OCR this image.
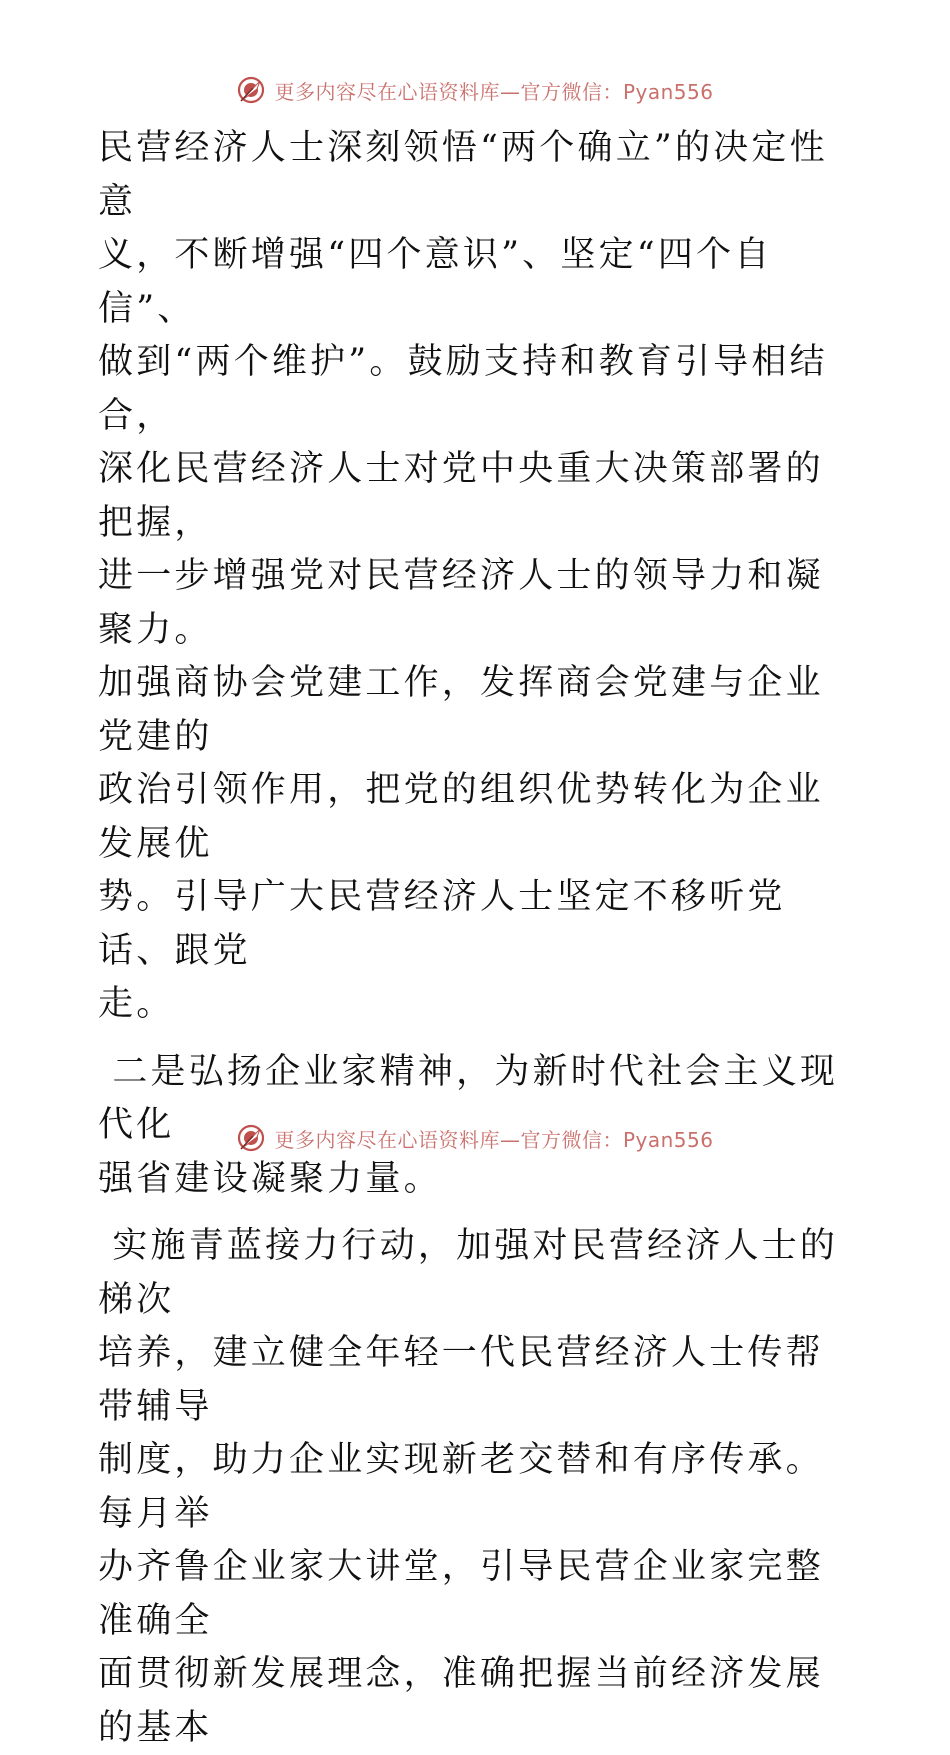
更多内容尽在心语资料库—官方微信：Pyan556

民营经济人士深刻领悟“两个确立”的决定性意
义，不断增强“四个意识”、坚定“四个自信”、
做到“两个维护”。鼓励支持和教育引导相结合，
深化民营经济人士对党中央重大决策部署的把握，
进一步增强党对民营经济人士的领导力和凝聚力。
加强商协会党建工作，发挥商会党建与企业党建的
政治引领作用，把党的组织优势转化为企业发展优
势。引导广大民营经济人士坚定不移听党话、跟党
走。

二是弘扬企业家精神，为新时代社会主义现代化
强省建设凝聚力量。

实施青蓝接力行动，加强对民营经济人士的梯次
培养，建立健全年轻一代民营经济人士传帮带辅导
制度，助力企业实现新老交替和有序传承。每月举
办齐鲁企业家大讲堂，引导民营企业家完整准确全
面贯彻新发展理念，准确把握当前经济发展的基本

更多内容尽在心语资料库—官方微信：Pyan556
